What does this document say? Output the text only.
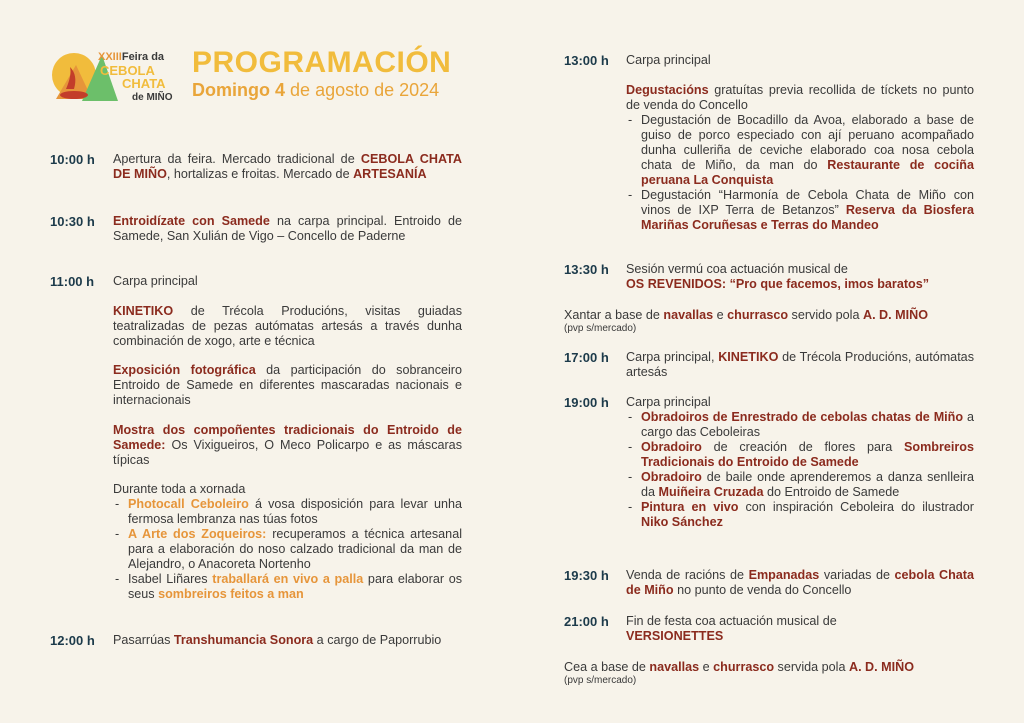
XXIIIFeira da
CEBOLA
CHATA
de MIÑO
PROGRAMACIÓN
Domingo 4 de agosto de 2024
10:00 h Apertura da feira. Mercado tradicional de CEBOLA CHATA DE MIÑO, hortalizas e froitas. Mercado de ARTESANÍA
10:30 h Entroidízate con Samede na carpa principal. Entroido de Samede, San Xulián de Vigo – Concello de Paderne
11:00 h Carpa principal
KINETIKO de Trécola Producións, visitas guiadas teatralizadas de pezas autómatas artesás a través dunha combinación de xogo, arte e técnica
Exposición fotográfica da participación do sobranceiro Entroido de Samede en diferentes mascaradas nacionais e internacionais
Mostra dos compoñentes tradicionais do Entroido de Samede: Os Vixigueiros, O Meco Policarpo e as máscaras típicas
Durante toda a xornada
- Photocall Ceboleiro á vosa disposición para levar unha fermosa lembranza nas túas fotos
- A Arte dos Zoqueiros: recuperamos a técnica artesanal para a elaboración do noso calzado tradicional da man de Alejandro, o Anacoreta Nortenho
- Isabel Liñares traballará en vivo a palla para elaborar os seus sombreiros feitos a man
12:00 h Pasarrúas Transhumancia Sonora a cargo de Paporrubio
13:00 h Carpa principal
Degustacións gratuítas previa recollida de tíckets no punto de venda do Concello
- Degustación de Bocadillo da Avoa, elaborado a base de guiso de porco especiado con ají peruano acompañado dunha culleriña de ceviche elaborado coa nosa cebola chata de Miño, da man do Restaurante de cociña peruana La Conquista
- Degustación “Harmonía de Cebola Chata de Miño con vinos de IXP Terra de Betanzos” Reserva da Biosfera Mariñas Coruñesas e Terras do Mandeo
13:30 h Sesión vermú coa actuación musical de
OS REVENIDOS: “Pro que facemos, imos baratos”
Xantar a base de navallas e churrasco servido pola A. D. MIÑO
(pvp s/mercado)
17:00 h Carpa principal, KINETIKO de Trécola Producións, autómatas artesás
19:00 h Carpa principal
- Obradoiros de Enrestrado de cebolas chatas de Miño a cargo das Ceboleiras
- Obradoiro de creación de flores para Sombreiros Tradicionais do Entroido de Samede
- Obradoiro de baile onde aprenderemos a danza senlleira da Muiñeira Cruzada do Entroido de Samede
- Pintura en vivo con inspiración Ceboleira do ilustrador Niko Sánchez
19:30 h Venda de racións de Empanadas variadas de cebola Chata de Miño no punto de venda do Concello
21:00 h Fin de festa coa actuación musical de
VERSIONETTES
Cea a base de navallas e churrasco servida pola A. D. MIÑO
(pvp s/mercado)
